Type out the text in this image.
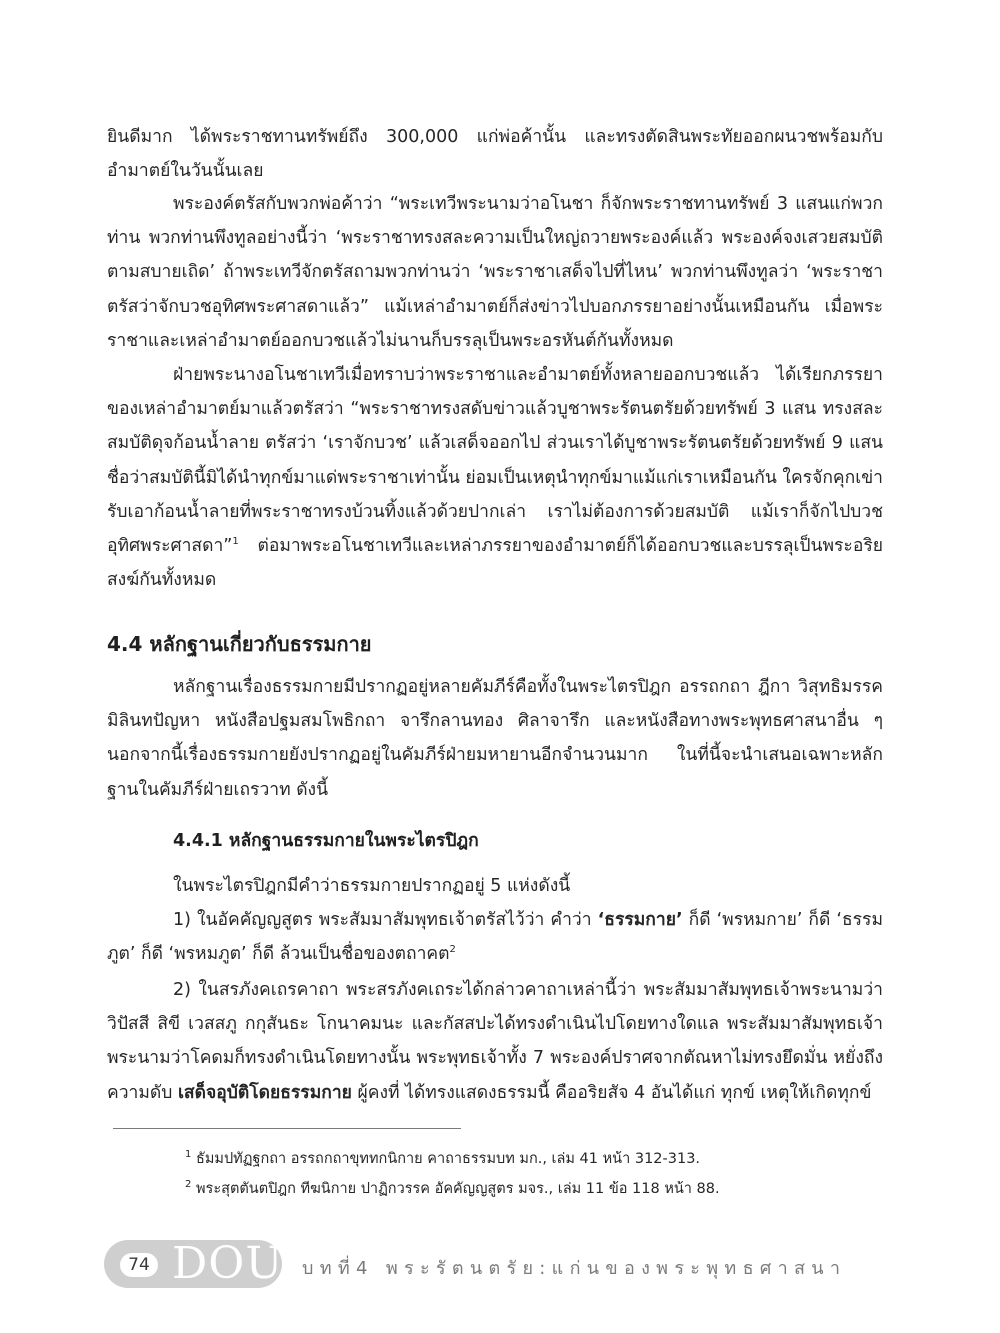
ยินดีมาก ได้พระราชทานทรัพย์ถึง 300,000 แก่พ่อค้านั้น และทรงตัดสินพระทัยออกผนวชพร้อมกับอำมาตย์ในวันนั้นเลย

พระองค์ตรัสกับพวกพ่อค้าว่า “พระเทวีพระนามว่าอโนชา ก็จักพระราชทานทรัพย์ 3 แสนแก่พวกท่าน พวกท่านพึงทูลอย่างนี้ว่า ‘พระราชาทรงสละความเป็นใหญ่ถวายพระองค์แล้ว พระองค์จงเสวยสมบัติตามสบายเถิด’ ถ้าพระเทวีจักตรัสถามพวกท่านว่า ‘พระราชาเสด็จไปที่ไหน’ พวกท่านพึงทูลว่า ‘พระราชาตรัสว่าจักบวชอุทิศพระศาสดาแล้ว” แม้เหล่าอำมาตย์ก็ส่งข่าวไปบอกภรรยาอย่างนั้นเหมือนกัน เมื่อพระราชาและเหล่าอำมาตย์ออกบวชแล้วไม่นานก็บรรลุเป็นพระอรหันต์กันทั้งหมด

ฝ่ายพระนางอโนชาเทวีเมื่อทราบว่าพระราชาและอำมาตย์ทั้งหลายออกบวชแล้ว ได้เรียกภรรยาของเหล่าอำมาตย์มาแล้วตรัสว่า “พระราชาทรงสดับข่าวแล้วบูชาพระรัตนตรัยด้วยทรัพย์ 3 แสน ทรงสละสมบัติดุจก้อนน้ำลาย ตรัสว่า ‘เราจักบวช’ แล้วเสด็จออกไป ส่วนเราได้บูชาพระรัตนตรัยด้วยทรัพย์ 9 แสน ชื่อว่าสมบัตินี้มิได้นำทุกข์มาแด่พระราชาเท่านั้น ย่อมเป็นเหตุนำทุกข์มาแม้แก่เราเหมือนกัน ใครจักคุกเข่ารับเอาก้อนน้ำลายที่พระราชาทรงบ้วนทิ้งแล้วด้วยปากเล่า เราไม่ต้องการด้วยสมบัติ แม้เราก็จักไปบวชอุทิศพระศาสดา”$^1$ ต่อมาพระอโนชาเทวีและเหล่าภรรยาของอำมาตย์ก็ได้ออกบวชและบรรลุเป็นพระอริยสงฆ์กันทั้งหมด

4.4 หลักฐานเกี่ยวกับธรรมกาย

หลักฐานเรื่องธรรมกายมีปรากฏอยู่หลายคัมภีร์คือทั้งในพระไตรปิฎก อรรถกถา ฎีกา วิสุทธิมรรค มิลินทปัญหา หนังสือปฐมสมโพธิกถา จารึกลานทอง ศิลาจารึก และหนังสือทางพระพุทธศาสนาอื่น ๆ นอกจากนี้เรื่องธรรมกายยังปรากฏอยู่ในคัมภีร์ฝ่ายมหายานอีกจำนวนมาก ในที่นี้จะนำเสนอเฉพาะหลักฐานในคัมภีร์ฝ่ายเถรวาท ดังนี้

4.4.1 หลักฐานธรรมกายในพระไตรปิฎก

ในพระไตรปิฎกมีคำว่าธรรมกายปรากฏอยู่ 5 แห่งดังนี้

1) ในอัคคัญญสูตร พระสัมมาสัมพุทธเจ้าตรัสไว้ว่า คำว่า ‘ธรรมกาย’ ก็ดี ‘พรหมกาย’ ก็ดี ‘ธรรมภูต’ ก็ดี ‘พรหมภูต’ ก็ดี ล้วนเป็นชื่อของตถาคต$^2$

2) ในสรภังคเถรคาถา พระสรภังคเถระได้กล่าวคาถาเหล่านี้ว่า พระสัมมาสัมพุทธเจ้าพระนามว่าวิปัสสี สิขี เวสสภู กกุสันธะ โกนาคมนะ และกัสสปะได้ทรงดำเนินไปโดยทางใดแล พระสัมมาสัมพุทธเจ้าพระนามว่าโคดมก็ทรงดำเนินโดยทางนั้น พระพุทธเจ้าทั้ง 7 พระองค์ปราศจากตัณหาไม่ทรงยึดมั่น หยั่งถึงความดับ เสด็จอุบัติโดยธรรมกาย ผู้คงที่ ได้ทรงแสดงธรรมนี้ คืออริยสัจ 4 อันได้แก่ ทุกข์ เหตุให้เกิดทุกข์

$^1$ ธัมมปทัฏฐกถา อรรถกถาขุททกนิกาย คาถาธรรมบท มก., เล่ม 41 หน้า 312-313.

$^2$ พระสุตตันตปิฎก ทีฆนิกาย ปาฏิกวรรค อัคคัญญสูตร มจร., เล่ม 11 ข้อ 118 หน้า 88.

74 DOU บทที่4 พระรัตนตรัย:แก่นของพระพุทธศาสนา
